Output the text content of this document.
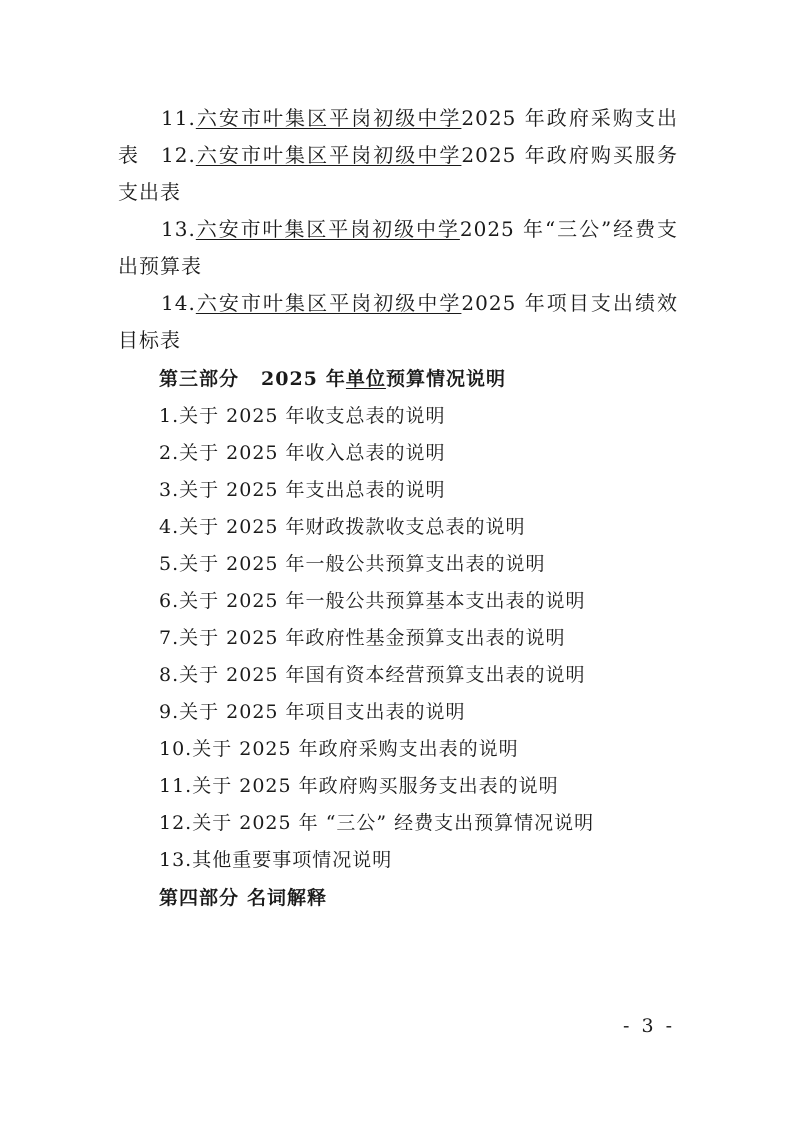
11.六安市叶集区平岗初级中学2025 年政府采购支出表	12.六安市叶集区平岗初级中学2025 年政府购买服务支出表
13.六安市叶集区平岗初级中学2025 年“三公”经费支出预算表
14.六安市叶集区平岗初级中学2025 年项目支出绩效目标表
第三部分 2025 年单位预算情况说明
1.关于 2025 年收支总表的说明
2.关于 2025 年收入总表的说明
3.关于 2025 年支出总表的说明
4.关于 2025 年财政拨款收支总表的说明
5.关于 2025 年一般公共预算支出表的说明
6.关于 2025 年一般公共预算基本支出表的说明
7.关于 2025 年政府性基金预算支出表的说明
8.关于 2025 年国有资本经营预算支出表的说明
9.关于 2025 年项目支出表的说明
10.关于 2025 年政府采购支出表的说明
11.关于 2025 年政府购买服务支出表的说明
12.关于 2025 年 “三公” 经费支出预算情况说明
13.其他重要事项情况说明
第四部分 名词解释
- 3 -
